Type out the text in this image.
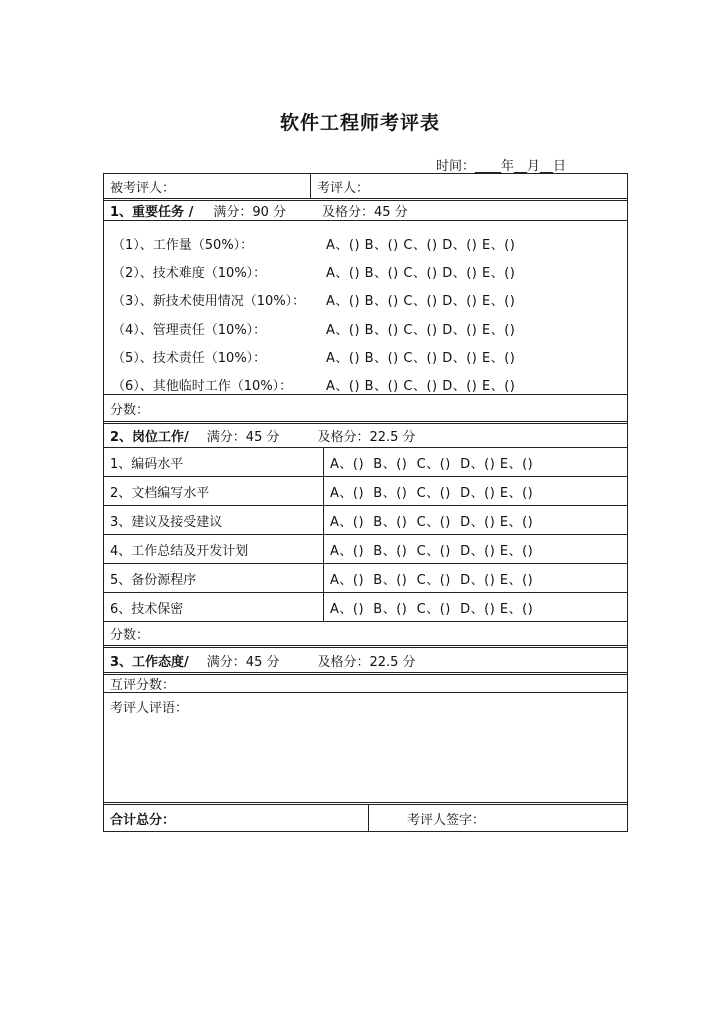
软件工程师考评表
时间：____年__月__日
被考评人：	考评人：
1、重要任务 / 满分：90 分	及格分：45 分
（1）、工作量（50%）：	A、() B、() C、() D、() E、()
（2）、技术难度（10%）：	A、() B、() C、() D、() E、()
（3）、新技术使用情况（10%）：	A、() B、() C、() D、() E、()
（4）、管理责任（10%）：	A、() B、() C、() D、() E、()
（5）、技术责任（10%）：	A、() B、() C、() D、() E、()
（6）、其他临时工作（10%）：	A、() B、() C、() D、() E、()
分数：
2、岗位工作/ 满分：45 分	及格分：22.5 分
1、编码水平	A、()  B、()  C、()  D、() E、()
2、文档编写水平	A、()  B、()  C、()  D、() E、()
3、建议及接受建议	A、()  B、()  C、()  D、() E、()
4、工作总结及开发计划	A、()  B、()  C、()  D、() E、()
5、备份源程序	A、()  B、()  C、()  D、() E、()
6、技术保密	A、()  B、()  C、()  D、() E、()
分数：
3、工作态度/ 满分：45 分	及格分：22.5 分
互评分数：
考评人评语：
合计总分：	考评人签字：
